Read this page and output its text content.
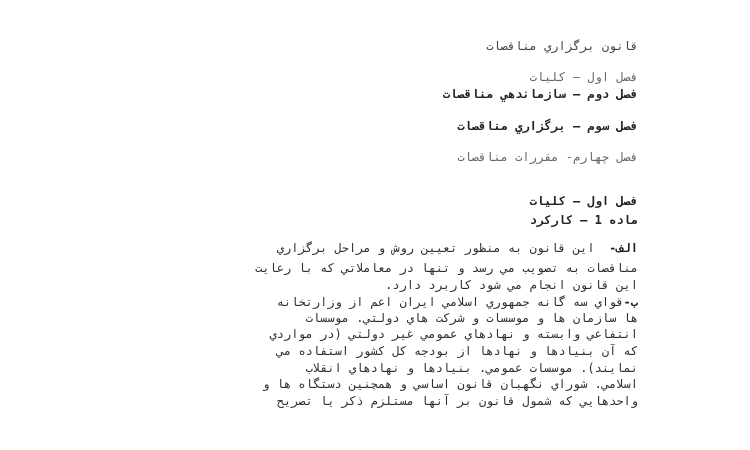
قانون برگزاري مناقصات
فصل اول – كليات
فصل دوم – سازماندهي مناقصات
فصل سوم – برگزاري مناقصات
فصل چهارم- مقررات مناقصات
فصل اول – كليات
ماده 1 – كاركرد
الف-  اين قانون به منظور تعيين روش و مراحل برگزاري
مناقصات به تصويب مي رسد و تنها در معاملاتي كه با رعايت
اين قانون انجام مي شود كاربرد دارد.
ب-قواي سه گانه جمهوري اسلامي ايران اعم از وزارتخانه
ها سازمان ها و موسسات و شركت هاي دولتي. موسسات
انتفاعي وابسته و نهادهاي عمومي غير دولتي (در مواردي
كه آن بنيادها و نهادها از بودجه كل كشور استفاده مي
نمايند). موسسات عمومي. بنيادها و نهادهاي انقلاب
اسلامي. شوراي نگهبان قانون اساسي و همچنين دستگاه ها و
واحدهايي كه شمول قانون بر آنها مستلزم ذكر يا تصريح
